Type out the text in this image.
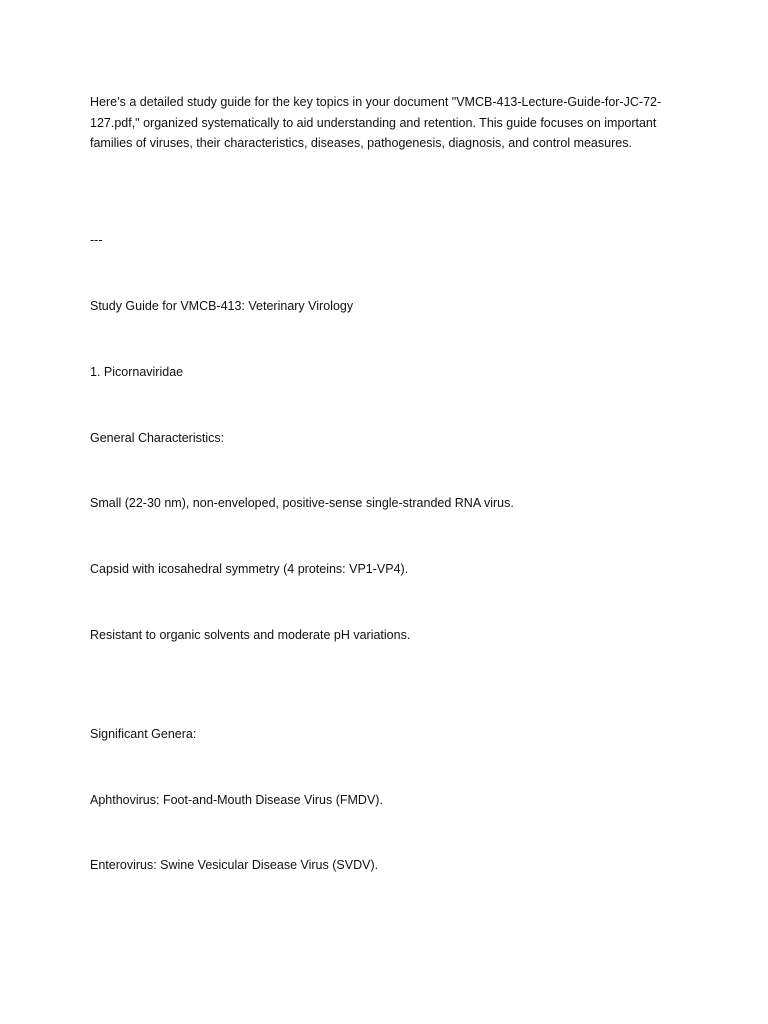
Here’s a detailed study guide for the key topics in your document "VMCB-413-Lecture-Guide-for-JC-72-127.pdf," organized systematically to aid understanding and retention. This guide focuses on important families of viruses, their characteristics, diseases, pathogenesis, diagnosis, and control measures.

---

Study Guide for VMCB-413: Veterinary Virology

1. Picornaviridae

General Characteristics:

Small (22-30 nm), non-enveloped, positive-sense single-stranded RNA virus.

Capsid with icosahedral symmetry (4 proteins: VP1-VP4).

Resistant to organic solvents and moderate pH variations.

Significant Genera:

Aphthovirus: Foot-and-Mouth Disease Virus (FMDV).

Enterovirus: Swine Vesicular Disease Virus (SVDV).
